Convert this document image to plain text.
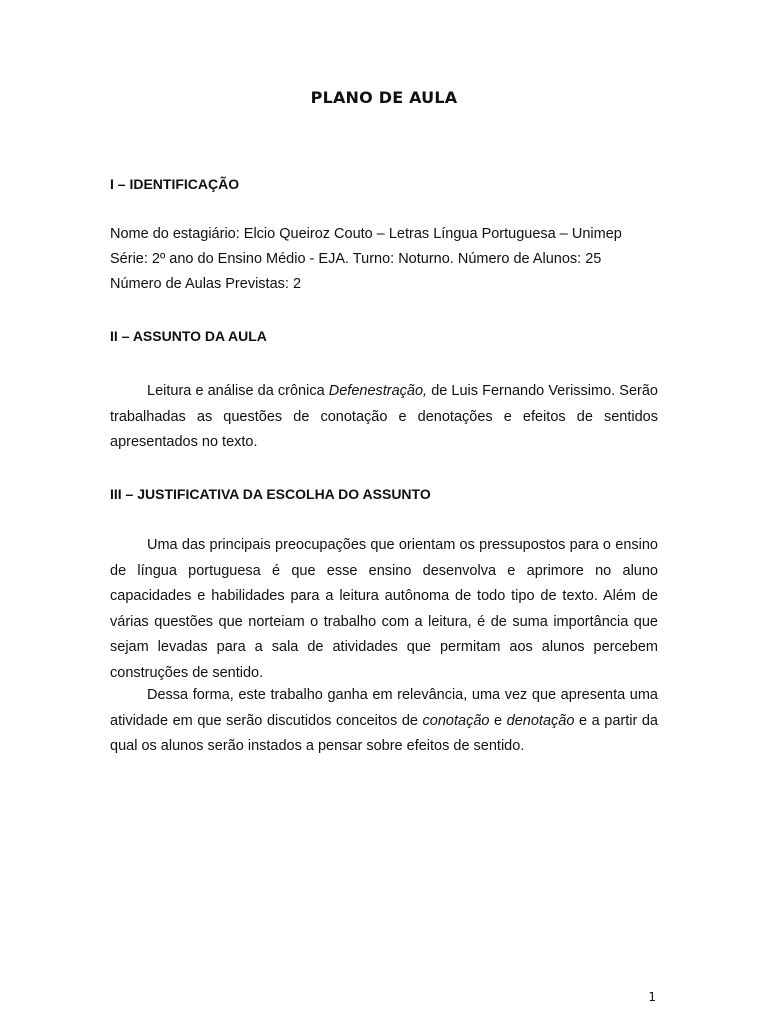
PLANO DE AULA
I – IDENTIFICAÇÃO
Nome do estagiário: Elcio Queiroz Couto – Letras Língua Portuguesa – Unimep
Série: 2º ano do Ensino Médio - EJA. Turno: Noturno. Número de Alunos: 25
Número de Aulas Previstas: 2
II – ASSUNTO DA AULA
Leitura e análise da crônica Defenestração, de Luis Fernando Verissimo. Serão trabalhadas as questões de conotação e denotações e efeitos de sentidos apresentados no texto.
III – JUSTIFICATIVA DA ESCOLHA DO ASSUNTO
Uma das principais preocupações que orientam os pressupostos para o ensino de língua portuguesa é que esse ensino desenvolva e aprimore no aluno capacidades e habilidades para a leitura autônoma de todo tipo de texto. Além de várias questões que norteiam o trabalho com a leitura, é de suma importância que sejam levadas para a sala de atividades que permitam aos alunos percebem construções de sentido.
Dessa forma, este trabalho ganha em relevância, uma vez que apresenta uma atividade em que serão discutidos conceitos de conotação e denotação e a partir da qual os alunos serão instados a pensar sobre efeitos de sentido.
1
